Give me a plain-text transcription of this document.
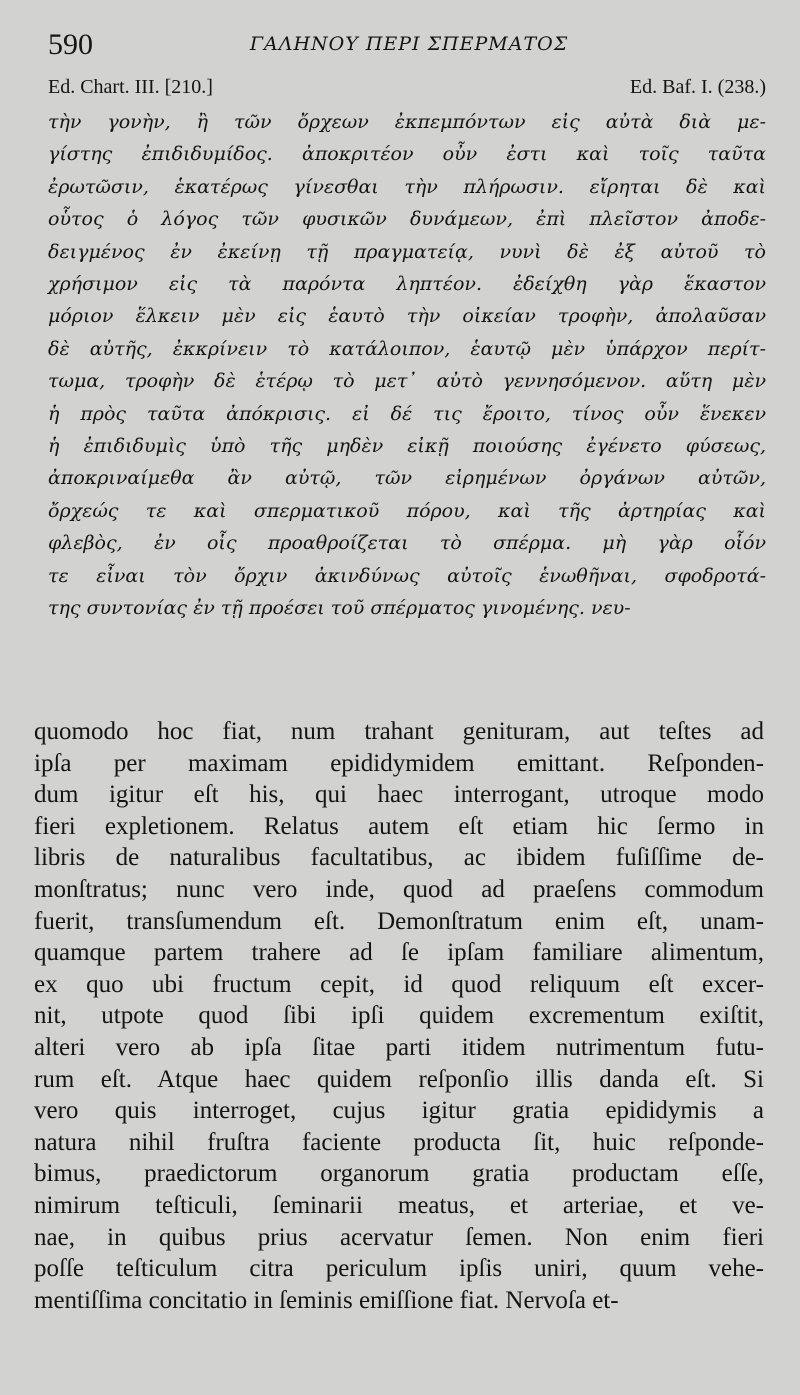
590	ΓΑΛΗΝΟΥ ΠΕΡΙ ΣΠΕΡΜΑΤΟΣ
Ed. Chart. III. [210.]	Ed. Baf. I. (238.)
τὴν γονὴν, ἢ τῶν ὄρχεων ἐκπεμπόντων εἰς αὐτὰ διὰ με-
γίστης ἐπιδιδυμίδος. ἀποκριτέον οὖν ἐστι καὶ τοῖς ταῦτα
ἐρωτῶσιν, ἑκατέρως γίνεσθαι τὴν πλήρωσιν. εἴρηται δὲ καὶ
οὗτος ὁ λόγος τῶν φυσικῶν δυνάμεων, ἐπὶ πλεῖστον ἀποδε-
δειγμένος ἐν ἐκείνῃ τῇ πραγματείᾳ, νυνὶ δὲ ἐξ αὐτοῦ τὸ
χρήσιμον εἰς τὰ παρόντα ληπτέον. ἐδείχθη γὰρ ἕκαστον
μόριον ἕλκειν μὲν εἰς ἑαυτὸ τὴν οἰκείαν τροφὴν, ἀπολαῦσαν
δὲ αὐτῆς, ἐκκρίνειν τὸ κατάλοιπον, ἑαυτῷ μὲν ὑπάρχον περίτ-
τωμα, τροφὴν δὲ ἑτέρῳ τὸ μετ᾽ αὐτὸ γεννησόμενον. αὕτη μὲν
ἡ πρὸς ταῦτα ἀπόκρισις. εἰ δέ τις ἔροιτο, τίνος οὖν ἕνεκεν
ἡ ἐπιδιδυμὶς ὑπὸ τῆς μηδὲν εἰκῇ ποιούσης ἐγένετο φύσεως,
ἀποκριναίμεθα ἂν αὐτῷ, τῶν εἰρημένων ὀργάνων αὐτῶν,
ὄρχεώς τε καὶ σπερματικοῦ πόρου, καὶ τῆς ἀρτηρίας καὶ
φλεβὸς, ἐν οἷς προαθροίζεται τὸ σπέρμα. μὴ γὰρ οἷόν
τε εἶναι τὸν ὄρχιν ἀκινδύνως αὐτοῖς ἑνωθῆναι, σφοδροτά-
της συντονίας ἐν τῇ προέσει τοῦ σπέρματος γινομένης. νευ-
quomodo hoc fiat, num trahant genituram, aut teſtes ad
ipſa per maximam epididymidem emittant. Reſponden-
dum igitur eſt his, qui haec interrogant, utroque modo
fieri expletionem. Relatus autem eſt etiam hic ſermo in
libris de naturalibus facultatibus, ac ibidem fuſiſſime de-
monſtratus; nunc vero inde, quod ad praeſens commodum
fuerit, transſumendum eſt. Demonſtratum enim eſt, unam-
quamque partem trahere ad ſe ipſam familiare alimentum,
ex quo ubi fructum cepit, id quod reliquum eſt excer-
nit, utpote quod ſibi ipſi quidem excrementum exiſtit,
alteri vero ab ipſa ſitae parti itidem nutrimentum futu-
rum eſt. Atque haec quidem reſponſio illis danda eſt. Si
vero quis interroget, cujus igitur gratia epididymis a
natura nihil fruſtra faciente producta ſit, huic reſponde-
bimus, praedictorum organorum gratia productam eſſe,
nimirum teſticuli, ſeminarii meatus, et arteriae, et ve-
nae, in quibus prius acervatur ſemen. Non enim fieri
poſſe teſticulum citra periculum ipſis uniri, quum vehe-
mentiſſima concitatio in ſeminis emiſſione fiat. Nervoſa et-
